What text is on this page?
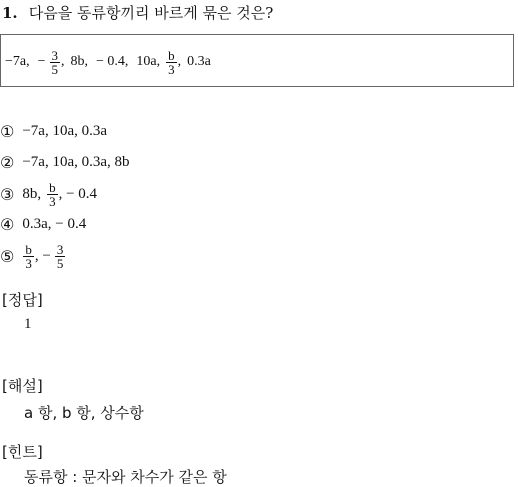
1. 다음을 동류항끼리 바르게 묶은 것은?
−7a, − $\frac{3}{5}$ , 8b, − 0.4, 10a, $\frac{b}{3}$ , 0.3a
① −7a, 10a, 0.3a
② −7a, 10a, 0.3a, 8b
③ 8b, $\frac{b}{3}$ , − 0.4
④ 0.3a, − 0.4
⑤ $\frac{b}{3}$ , − $\frac{3}{5}$
[정답]
1
[해설]
a 항, b 항, 상수항
[힌트]
동류항 : 문자와 차수가 같은 항
